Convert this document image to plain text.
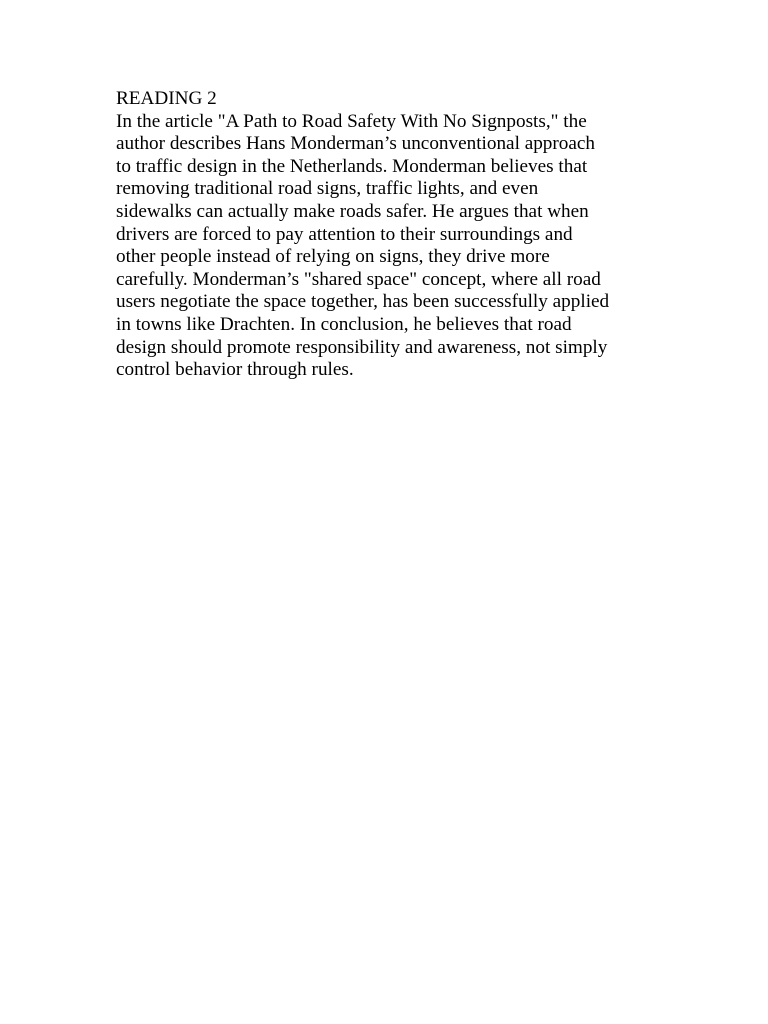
READING 2
In the article "A Path to Road Safety With No Signposts," the
author describes Hans Monderman’s unconventional approach
to traffic design in the Netherlands. Monderman believes that
removing traditional road signs, traffic lights, and even
sidewalks can actually make roads safer. He argues that when
drivers are forced to pay attention to their surroundings and
other people instead of relying on signs, they drive more
carefully. Monderman’s "shared space" concept, where all road
users negotiate the space together, has been successfully applied
in towns like Drachten. In conclusion, he believes that road
design should promote responsibility and awareness, not simply
control behavior through rules.
